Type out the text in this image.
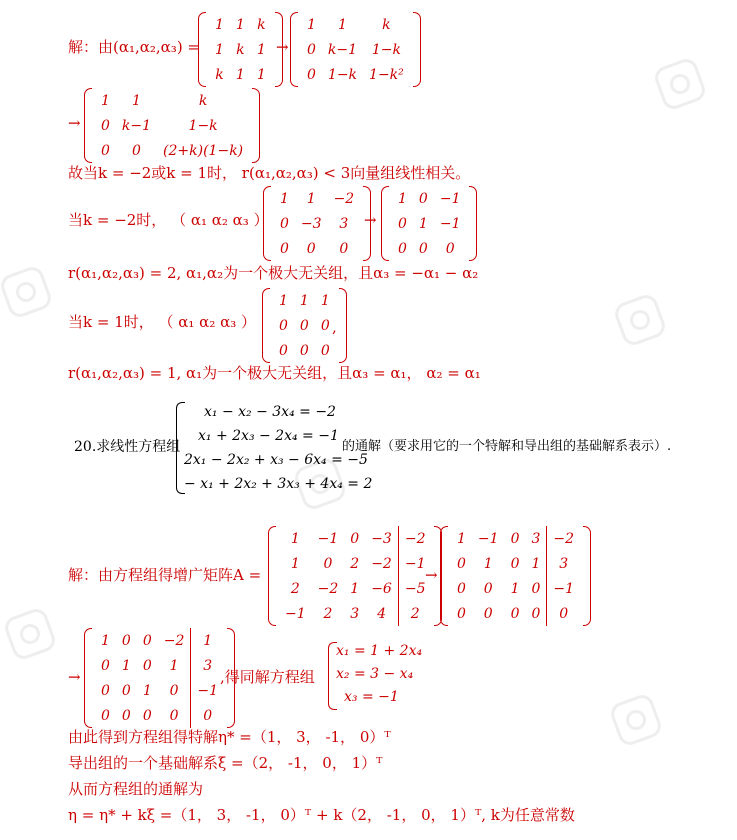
解：由(α₁,α₂,α₃) =
1	1	k
1	k	1
k	1	1
→
1	1	k
0	k−1	1−k
0	1−k	1−k²
→
1	1	k
0	k−1	1−k
0	0	(2+k)(1−k)
故当k = −2或k = 1时， r(α₁,α₂,α₃) < 3向量组线性相关。
当k = −2时， （ α₁ α₂ α₃ ）
1	1	−2
0	−3	3
0	0	0
→
1	0	−1
0	1	−1
0	0	0
r(α₁,α₂,α₃) = 2, α₁,α₂为一个极大无关组，且α₃ = −α₁ − α₂
当k = 1时， （ α₁ α₂ α₃ ）
1	1	1
0	0	0
0	0	0
,
r(α₁,α₂,α₃) = 1, α₁为一个极大无关组，且α₃ = α₁， α₂ = α₁
20.求线性方程组
x₁ − x₂ − 3x₄ = −2
x₁ + 2x₃ − 2x₄ = −1
2x₁ − 2x₂ + x₃ − 6x₄ = −5
− x₁ + 2x₂ + 3x₃ + 4x₄ = 2
的通解（要求用它的一个特解和导出组的基础解系表示）.
解：由方程组得增广矩阵A =
1	−1	0	−3	−2
1	0	2	−2	−1
2	−2	1	−6	−5
−1	2	3	4	2
→
1	−1	0	3	−2
0	1	0	1	3
0	0	1	0	−1
0	0	0	0	0
→
1	0	0	−2	1
0	1	0	1	3
0	0	1	0	−1
0	0	0	0	0
,得同解方程组
x₁ = 1 + 2x₄
x₂ = 3 − x₄
x₃ = −1
由此得到方程组得特解η* =（1， 3， -1， 0）ᵀ
导出组的一个基础解系ξ =（2， -1， 0， 1）ᵀ
从而方程组的通解为
η = η* + kξ =（1， 3， -1， 0）ᵀ + k（2， -1， 0， 1）ᵀ, k为任意常数
